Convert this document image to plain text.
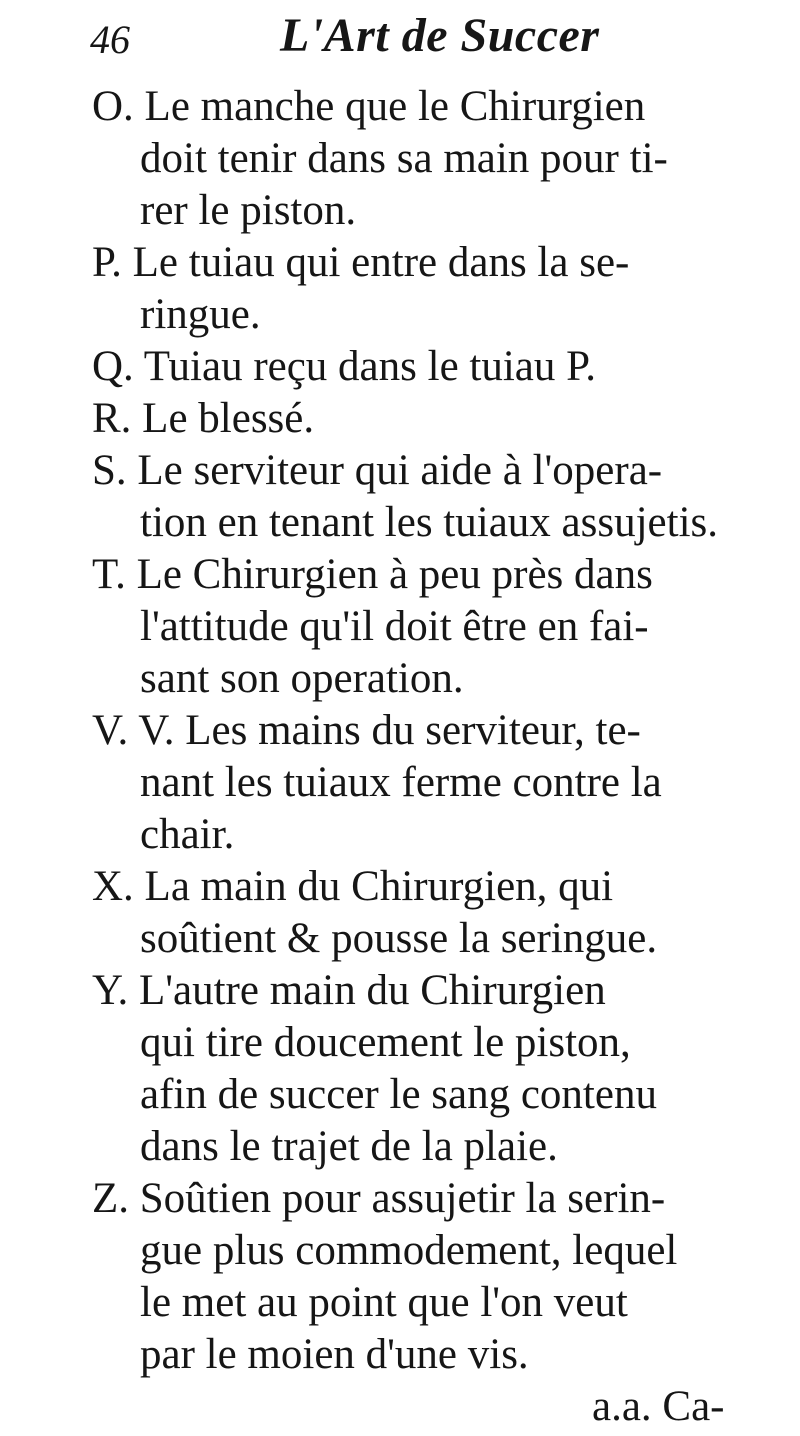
46	L'Art de Succer
O. Le manche que le Chirurgien
doit tenir dans sa main pour ti-
rer le piston.
P. Le tuiau qui entre dans la se-
ringue.
Q. Tuiau reçu dans le tuiau P.
R. Le blessé.
S. Le serviteur qui aide à l'opera-
tion en tenant les tuiaux assujetis.
T. Le Chirurgien à peu près dans
l'attitude qu'il doit être en fai-
sant son operation.
V. V. Les mains du serviteur, te-
nant les tuiaux ferme contre la
chair.
X. La main du Chirurgien, qui
soûtient & pousse la seringue.
Y. L'autre main du Chirurgien
qui tire doucement le piston,
afin de succer le sang contenu
dans le trajet de la plaie.
Z. Soûtien pour assujetir la serin-
gue plus commodement, lequel
le met au point que l'on veut
par le moien d'une vis.
a.a. Ca-
